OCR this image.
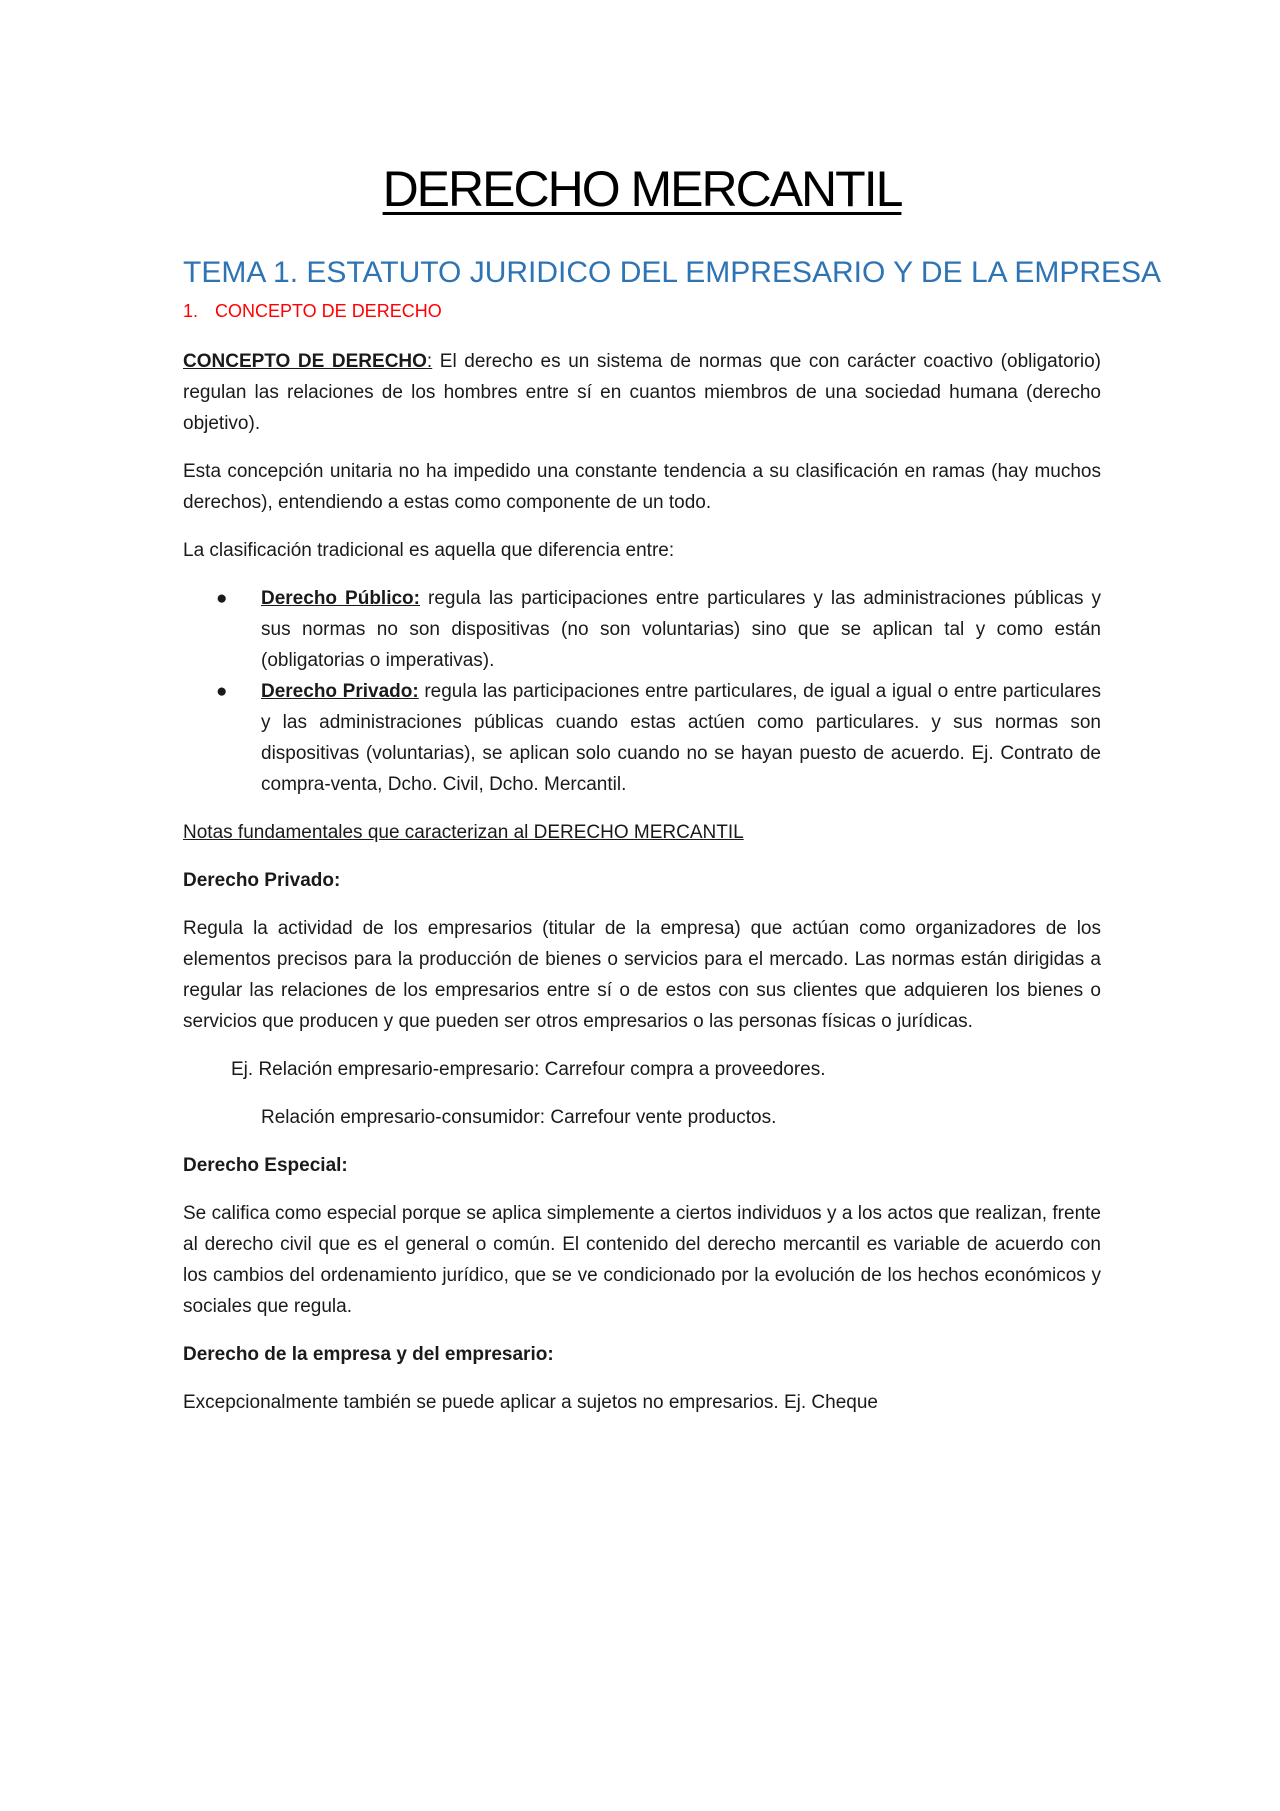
DERECHO MERCANTIL
TEMA 1. ESTATUTO JURIDICO DEL EMPRESARIO Y DE LA EMPRESA
1. CONCEPTO DE DERECHO

CONCEPTO DE DERECHO: El derecho es un sistema de normas que con carácter coactivo (obligatorio) regulan las relaciones de los hombres entre sí en cuantos miembros de una sociedad humana (derecho objetivo).

Esta concepción unitaria no ha impedido una constante tendencia a su clasificación en ramas (hay muchos derechos), entendiendo a estas como componente de un todo.

La clasificación tradicional es aquella que diferencia entre:

● Derecho Público: regula las participaciones entre particulares y las administraciones públicas y sus normas no son dispositivas (no son voluntarias) sino que se aplican tal y como están (obligatorias o imperativas).
● Derecho Privado: regula las participaciones entre particulares, de igual a igual o entre particulares y las administraciones públicas cuando estas actúen como particulares. y sus normas son dispositivas (voluntarias), se aplican solo cuando no se hayan puesto de acuerdo. Ej. Contrato de compra-venta, Dcho. Civil, Dcho. Mercantil.

Notas fundamentales que caracterizan al DERECHO MERCANTIL

Derecho Privado:

Regula la actividad de los empresarios (titular de la empresa) que actúan como organizadores de los elementos precisos para la producción de bienes o servicios para el mercado. Las normas están dirigidas a regular las relaciones de los empresarios entre sí o de estos con sus clientes que adquieren los bienes o servicios que producen y que pueden ser otros empresarios o las personas físicas o jurídicas.

Ej. Relación empresario-empresario: Carrefour compra a proveedores.

Relación empresario-consumidor: Carrefour vente productos.

Derecho Especial:

Se califica como especial porque se aplica simplemente a ciertos individuos y a los actos que realizan, frente al derecho civil que es el general o común. El contenido del derecho mercantil es variable de acuerdo con los cambios del ordenamiento jurídico, que se ve condicionado por la evolución de los hechos económicos y sociales que regula.

Derecho de la empresa y del empresario:

Excepcionalmente también se puede aplicar a sujetos no empresarios. Ej. Cheque
